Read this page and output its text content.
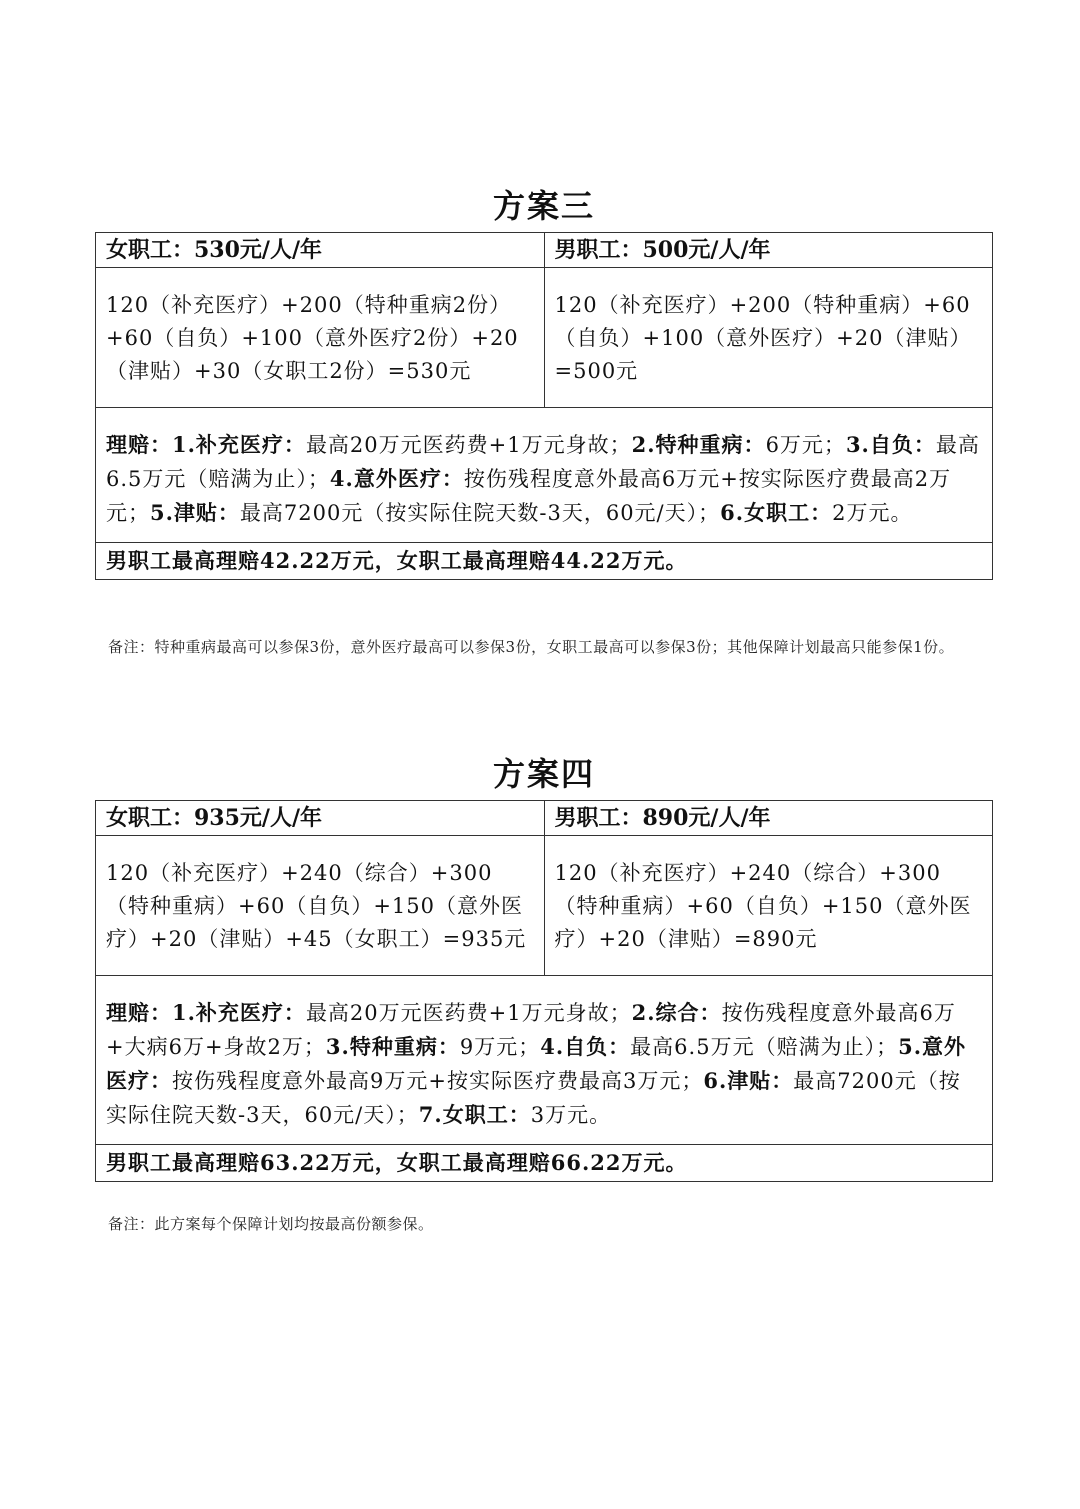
方案三
女职工：530元/人/年	男职工：500元/人/年
120（补充医疗）+200（特种重病2份）+60（自负）+100（意外医疗2份）+20（津贴）+30（女职工2份）=530元	120（补充医疗）+200（特种重病）+60（自负）+100（意外医疗）+20（津贴）=500元
理赔：1.补充医疗：最高20万元医药费+1万元身故；2.特种重病：6万元；3.自负：最高6.5万元（赔满为止）；4.意外医疗：按伤残程度意外最高6万元+按实际医疗费最高2万元；5.津贴：最高7200元（按实际住院天数-3天，60元/天）；6.女职工：2万元。	
男职工最高理赔42.22万元，女职工最高理赔44.22万元。	
备注：特种重病最高可以参保3份，意外医疗最高可以参保3份，女职工最高可以参保3份；其他保障计划最高只能参保1份。
方案四
女职工：935元/人/年	男职工：890元/人/年
120（补充医疗）+240（综合）+300（特种重病）+60（自负）+150（意外医疗）+20（津贴）+45（女职工）=935元	120（补充医疗）+240（综合）+300（特种重病）+60（自负）+150（意外医疗）+20（津贴）=890元
理赔：1.补充医疗：最高20万元医药费+1万元身故；2.综合：按伤残程度意外最高6万+大病6万+身故2万；3.特种重病：9万元；4.自负：最高6.5万元（赔满为止）；5.意外医疗：按伤残程度意外最高9万元+按实际医疗费最高3万元；6.津贴：最高7200元（按实际住院天数-3天，60元/天）；7.女职工：3万元。	
男职工最高理赔63.22万元，女职工最高理赔66.22万元。	
备注：此方案每个保障计划均按最高份额参保。
